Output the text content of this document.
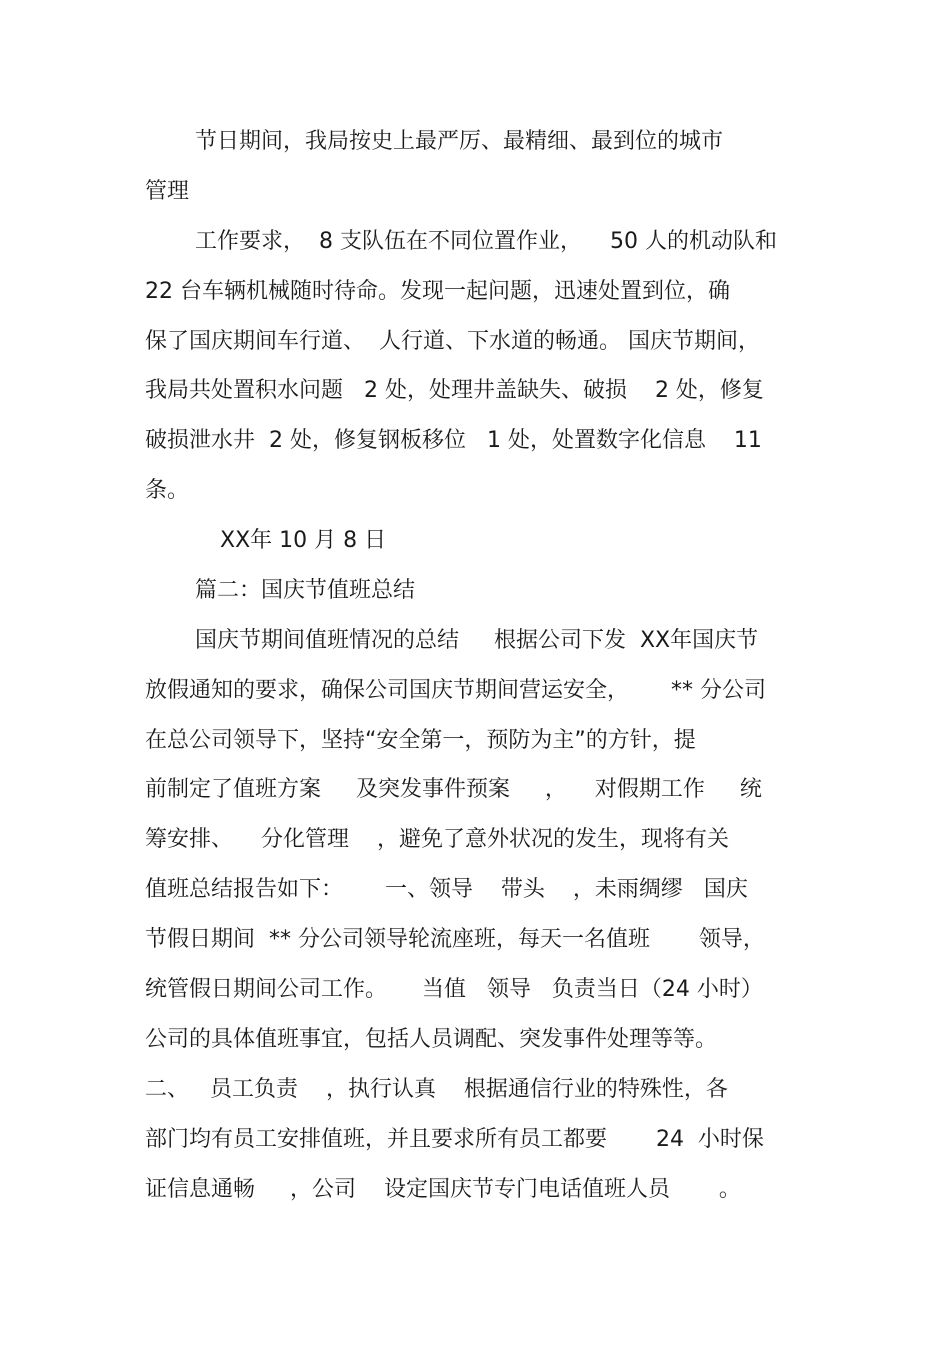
节日期间，我局按史上最严厉、最精细、最到位的城市
管理
工作要求，  8 支队伍在不同位置作业，    50 人的机动队和
22 台车辆机械随时待命。发现一起问题，迅速处置到位，确
保了国庆期间车行道、  人行道、下水道的畅通。 国庆节期间，
我局共处置积水问题   2 处，处理井盖缺失、破损    2 处，修复
破损泄水井  2 处，修复钢板移位   1 处，处置数字化信息    11
条。
XX年 10 月 8 日
篇二：国庆节值班总结
国庆节期间值班情况的总结     根据公司下发  XX年国庆节
放假通知的要求，确保公司国庆节期间营运安全，      ** 分公司
在总公司领导下，坚持“安全第一，预防为主”的方针，提
前制定了值班方案     及突发事件预案     ，    对假期工作     统
筹安排、    分化管理    ，避免了意外状况的发生，现将有关
值班总结报告如下：      一、领导    带头    ，未雨绸缪   国庆
节假日期间  ** 分公司领导轮流座班，每天一名值班       领导，
统管假日期间公司工作。     当值   领导   负责当日（24 小时）
公司的具体值班事宜，包括人员调配、突发事件处理等等。
二、   员工负责    ，执行认真    根据通信行业的特殊性，各
部门均有员工安排值班，并且要求所有员工都要       24  小时保
证信息通畅     ，公司    设定国庆节专门电话值班人员       。
